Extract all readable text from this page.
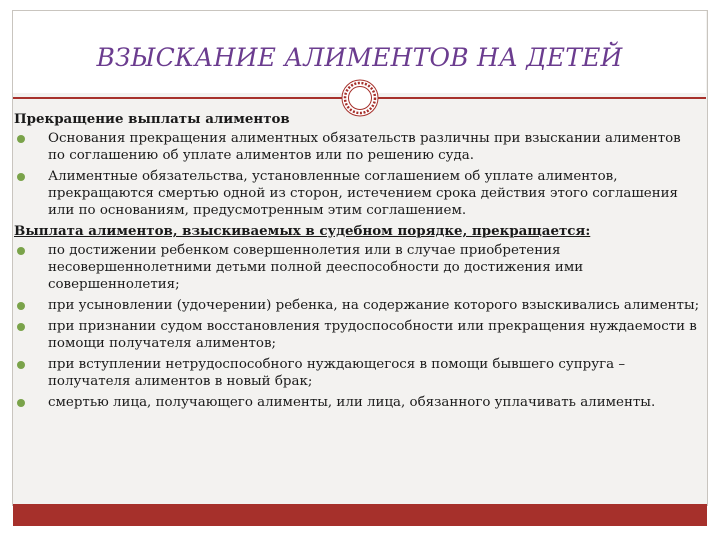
ВЗЫСКАНИЕ АЛИМЕНТОВ НА ДЕТЕЙ
Прекращение выплаты алиментов
Основания прекращения алиментных обязательств различны при взыскании алиментов по соглашению об уплате алиментов или по решению суда.
Алиментные обязательства, установленные соглашением об уплате алиментов, прекращаются смертью одной из сторон, истечением срока действия этого соглашения или по основаниям, предусмотренным этим соглашением.
Выплата алиментов, взыскиваемых в судебном порядке, прекращается:
по достижении ребенком совершеннолетия или в случае приобретения несовершеннолетними детьми полной дееспособности до достижения ими совершеннолетия;
при усыновлении (удочерении) ребенка, на содержание которого взыскивались алименты;
при признании судом восстановления трудоспособности или прекращения нуждаемости в помощи получателя алиментов;
при вступлении нетрудоспособного нуждающегося в помощи бывшего супруга – получателя алиментов в новый брак;
смертью лица, получающего алименты, или лица, обязанного уплачивать алименты.
